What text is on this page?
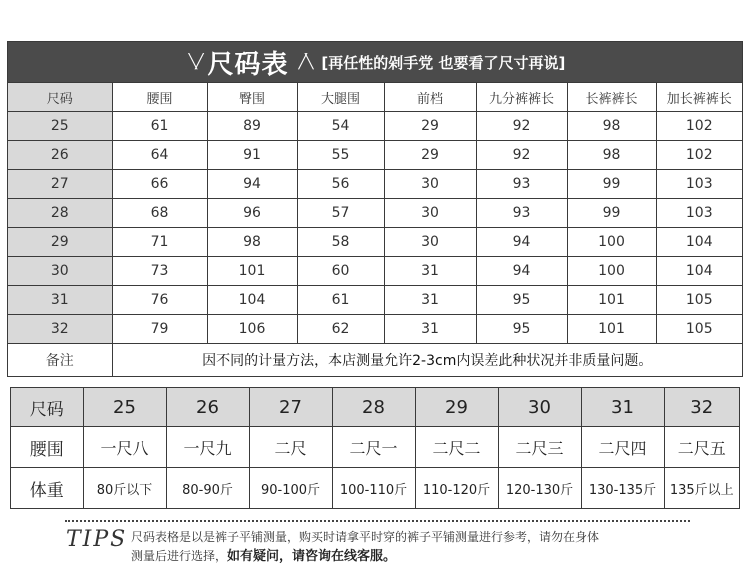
╲╱ 尺码表 ╱╲ [再任性的剁手党 也要看了尺寸再说]
尺码	腰围	臀围	大腿围	前档	九分裤裤长	长裤裤长	加长裤裤长
25	61	89	54	29	92	98	102
26	64	91	55	29	92	98	102
27	66	94	56	30	93	99	103
28	68	96	57	30	93	99	103
29	71	98	58	30	94	100	104
30	73	101	60	31	94	100	104
31	76	104	61	31	95	101	105
32	79	106	62	31	95	101	105
备注	因不同的计量方法，本店测量允许2-3cm内误差此种状况并非质量问题。						
尺码	25	26	27	28	29	30	31	32
腰围	一尺八	一尺九	二尺	二尺一	二尺二	二尺三	二尺四	二尺五
体重	80斤以下	80-90斤	90-100斤	100-110斤	110-120斤	120-130斤	130-135斤	135斤以上
TIPS 尺码表格是以是裤子平铺测量，购买时请拿平时穿的裤子平铺测量进行参考，请勿在身体
测量后进行选择，如有疑问，请咨询在线客服。
